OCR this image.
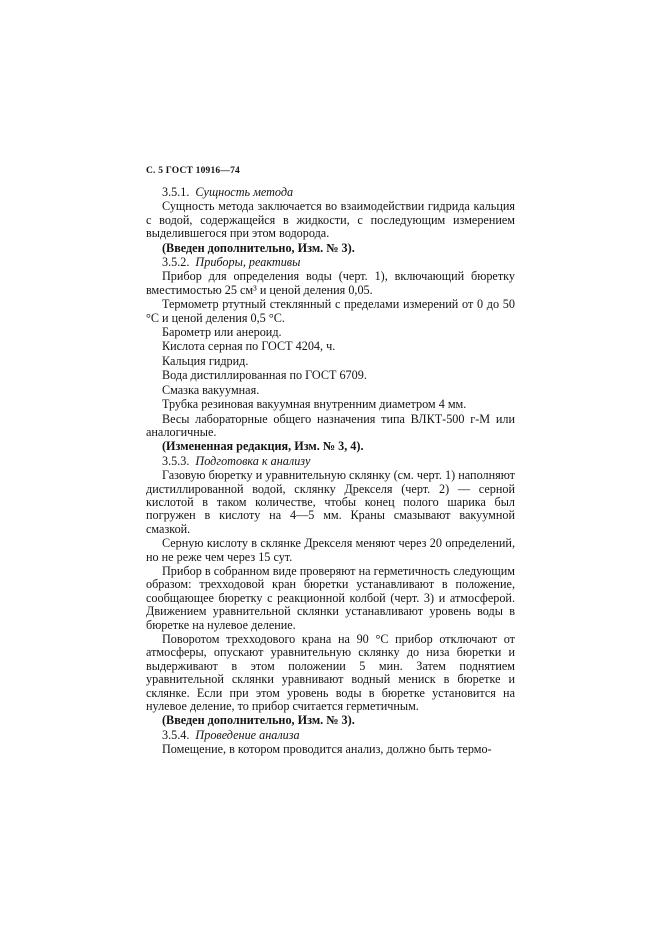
С. 5 ГОСТ 10916—74

3.5.1. Сущность метода

Сущность метода заключается во взаимодействии гидрида кальция с водой, содержащейся в жидкости, с последующим измерением выделившегося при этом водорода.

(Введен дополнительно, Изм. № 3).

3.5.2. Приборы, реактивы

Прибор для определения воды (черт. 1), включающий бюретку вместимостью 25 см³ и ценой деления 0,05.

Термометр ртутный стеклянный с пределами измерений от 0 до 50 °С и ценой деления 0,5 °С.

Барометр или анероид.

Кислота серная по ГОСТ 4204, ч.

Кальция гидрид.

Вода дистиллированная по ГОСТ 6709.

Смазка вакуумная.

Трубка резиновая вакуумная внутренним диаметром 4 мм.

Весы лабораторные общего назначения типа ВЛКТ-500 г-М или аналогичные.

(Измененная редакция, Изм. № 3, 4).

3.5.3. Подготовка к анализу

Газовую бюретку и уравнительную склянку (см. черт. 1) наполняют дистиллированной водой, склянку Дрекселя (черт. 2) — серной кислотой в таком количестве, чтобы конец полого шарика был погружен в кислоту на 4—5 мм. Краны смазывают вакуумной смазкой.

Серную кислоту в склянке Дрекселя меняют через 20 определений, но не реже чем через 15 сут.

Прибор в собранном виде проверяют на герметичность следующим образом: трехходовой кран бюретки устанавливают в положение, сообщающее бюретку с реакционной колбой (черт. 3) и атмосферой. Движением уравнительной склянки устанавливают уровень воды в бюретке на нулевое деление.

Поворотом трехходового крана на 90 °С прибор отключают от атмосферы, опускают уравнительную склянку до низа бюретки и выдерживают в этом положении 5 мин. Затем поднятием уравнительной склянки уравнивают водный мениск в бюретке и склянке. Если при этом уровень воды в бюретке установится на нулевое деление, то прибор считается герметичным.

(Введен дополнительно, Изм. № 3).

3.5.4. Проведение анализа

Помещение, в котором проводится анализ, должно быть термо-
